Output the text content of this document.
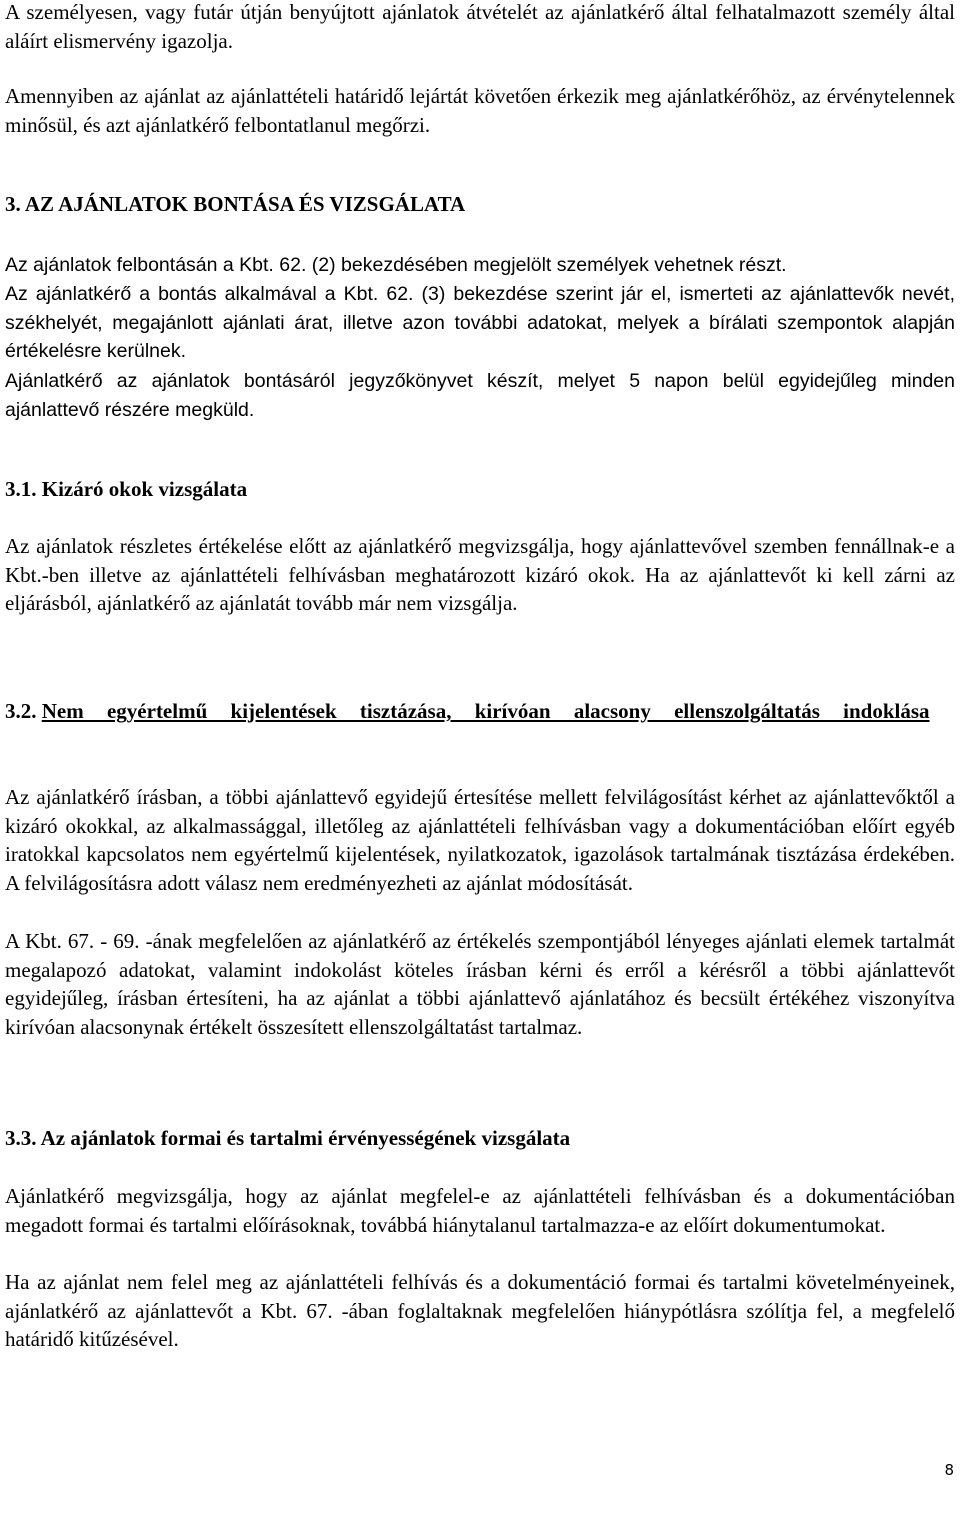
A személyesen, vagy futár útján benyújtott ajánlatok átvételét az ajánlatkérő által felhatalmazott személy által aláírt elismervény igazolja.

Amennyiben az ajánlat az ajánlattételi határidő lejártát követően érkezik meg ajánlatkérőhöz, az érvénytelennek minősül, és azt ajánlatkérő felbontatlanul megőrzi.

3. AZ AJÁNLATOK BONTÁSA ÉS VIZSGÁLATA

Az ajánlatok felbontásán a Kbt. 62. (2) bekezdésében megjelölt személyek vehetnek részt.

Az ajánlatkérő a bontás alkalmával a Kbt. 62. (3) bekezdése szerint jár el, ismerteti az ajánlattevők nevét, székhelyét, megajánlott ajánlati árat, illetve azon további adatokat, melyek a bírálati szempontok alapján értékelésre kerülnek.

Ajánlatkérő az ajánlatok bontásáról jegyzőkönyvet készít, melyet 5 napon belül egyidejűleg minden ajánlattevő részére megküld.

3.1. Kizáró okok vizsgálata

Az ajánlatok részletes értékelése előtt az ajánlatkérő megvizsgálja, hogy ajánlattevővel szemben fennállnak-e a Kbt.-ben illetve az ajánlattételi felhívásban meghatározott kizáró okok. Ha az ajánlattevőt ki kell zárni az eljárásból, ajánlatkérő az ajánlatát tovább már nem vizsgálja.

3.2. Nem egyértelmű kijelentések tisztázása, kirívóan alacsony ellenszolgáltatás indoklása

Az ajánlatkérő írásban, a többi ajánlattevő egyidejű értesítése mellett felvilágosítást kérhet az ajánlattevőktől a kizáró okokkal, az alkalmassággal, illetőleg az ajánlattételi felhívásban vagy a dokumentációban előírt egyéb iratokkal kapcsolatos nem egyértelmű kijelentések, nyilatkozatok, igazolások tartalmának tisztázása érdekében. A felvilágosításra adott válasz nem eredményezheti az ajánlat módosítását.

A Kbt. 67. - 69. -ának megfelelően az ajánlatkérő az értékelés szempontjából lényeges ajánlati elemek tartalmát megalapozó adatokat, valamint indokolást köteles írásban kérni és erről a kérésről a többi ajánlattevőt egyidejűleg, írásban értesíteni, ha az ajánlat a többi ajánlattevő ajánlatához és becsült értékéhez viszonyítva kirívóan alacsonynak értékelt összesített ellenszolgáltatást tartalmaz.

3.3. Az ajánlatok formai és tartalmi érvényességének vizsgálata

Ajánlatkérő megvizsgálja, hogy az ajánlat megfelel-e az ajánlattételi felhívásban és a dokumentációban megadott formai és tartalmi előírásoknak, továbbá hiánytalanul tartalmazza-e az előírt dokumentumokat.

Ha az ajánlat nem felel meg az ajánlattételi felhívás és a dokumentáció formai és tartalmi követelményeinek, ajánlatkérő az ajánlattevőt a Kbt. 67. -ában foglaltaknak megfelelően hiánypótlásra szólítja fel, a megfelelő határidő kitűzésével.

8
